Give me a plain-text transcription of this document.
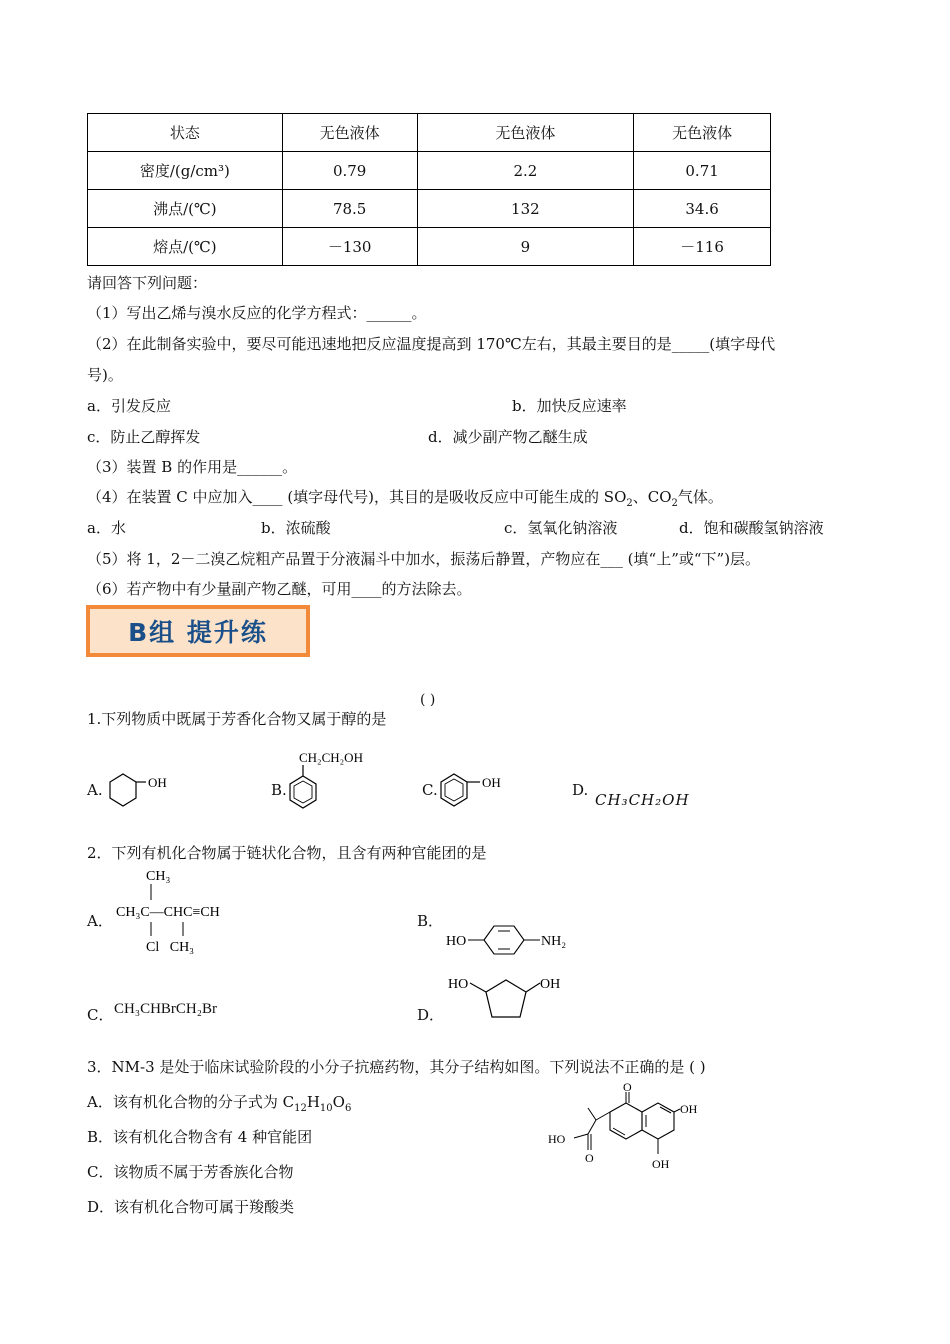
状态	无色液体	无色液体	无色液体
密度/(g/cm³)	0.79	2.2	0.71
沸点/(℃)	78.5	132	34.6
熔点/(℃)	－130	9	－116
请回答下列问题：
（1）写出乙烯与溴水反应的化学方程式：______。
（2）在此制备实验中，要尽可能迅速地把反应温度提高到 170℃左右，其最主要目的是_____(填字母代
号)。
a．引发反应	b．加快反应速率
c．防止乙醇挥发	d．减少副产物乙醚生成
（3）装置 B 的作用是______。
（4）在装置 C 中应加入____ (填字母代号)，其目的是吸收反应中可能生成的 $SO_2$、$CO_2$气体。
a．水	b．浓硫酸	c．氢氧化钠溶液	d．饱和碳酸氢钠溶液
（5）将 1，2－二溴乙烷粗产品置于分液漏斗中加水，振荡后静置，产物应在___ (填“上”或“下”)层。
（6）若产物中有少量副产物乙醚，可用____的方法除去。
B组 提升练
1.下列物质中既属于芳香化合物又属于醇的是
( )
A.	OH	B.
CH₂CH₂OH
C.	OH	D.
CH₃CH₂OH
2．下列有机化合物属于链状化合物，且含有两种官能团的是
A．
CH₃
CH₃C—CHC≡CH
Cl   CH₃
B．
HO	NH₂
C． CH₃CHBrCH₂Br	D．
HO	OH
3．NM-3 是处于临床试验阶段的小分子抗癌药物，其分子结构如图。下列说法不正确的是 ( )
A．该有机化合物的分子式为 $C_{12}H_{10}O_6$
B．该有机化合物含有 4 种官能团
C．该物质不属于芳香族化合物
D．该有机化合物可属于羧酸类
O
OH
OH
HO
O
